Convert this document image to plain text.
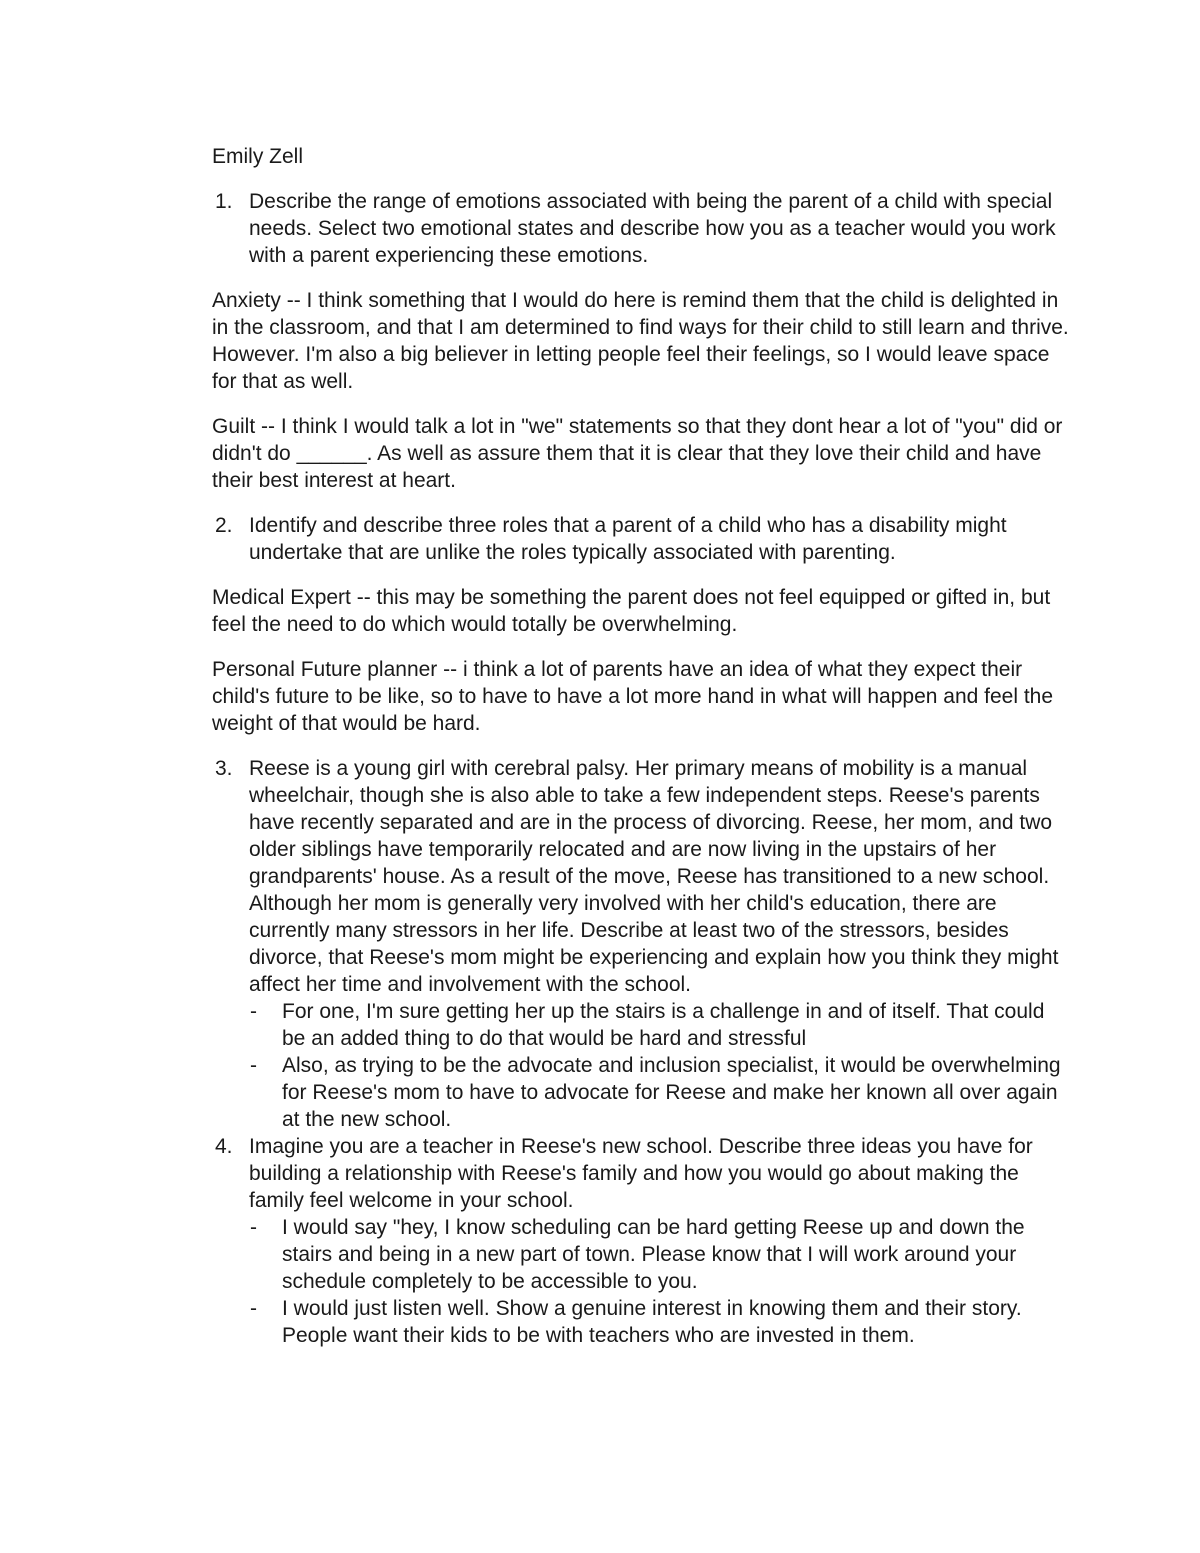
Emily Zell
1. Describe the range of emotions associated with being the parent of a child with special needs. Select two emotional states and describe how you as a teacher would you work with a parent experiencing these emotions.

Anxiety -- I think something that I would do here is remind them that the child is delighted in in the classroom, and that I am determined to find ways for their child to still learn and thrive. However. I'm also a big believer in letting people feel their feelings, so I would leave space for that as well.

Guilt -- I think I would talk a lot in "we" statements so that they dont hear a lot of "you" did or didn't do ______. As well as assure them that it is clear that they love their child and have their best interest at heart.

2. Identify and describe three roles that a parent of a child who has a disability might undertake that are unlike the roles typically associated with parenting.

Medical Expert -- this may be something the parent does not feel equipped or gifted in, but feel the need to do which would totally be overwhelming.

Personal Future planner -- i think a lot of parents have an idea of what they expect their child's future to be like, so to have to have a lot more hand in what will happen and feel the weight of that would be hard.

3. Reese is a young girl with cerebral palsy. Her primary means of mobility is a manual wheelchair, though she is also able to take a few independent steps. Reese's parents have recently separated and are in the process of divorcing. Reese, her mom, and two older siblings have temporarily relocated and are now living in the upstairs of her grandparents' house. As a result of the move, Reese has transitioned to a new school. Although her mom is generally very involved with her child's education, there are currently many stressors in her life. Describe at least two of the stressors, besides divorce, that Reese's mom might be experiencing and explain how you think they might affect her time and involvement with the school.

-	For one, I'm sure getting her up the stairs is a challenge in and of itself. That could be an added thing to do that would be hard and stressful
-	Also, as trying to be the advocate and inclusion specialist, it would be overwhelming for Reese's mom to have to advocate for Reese and make her known all over again at the new school.
4. Imagine you are a teacher in Reese's new school. Describe three ideas you have for building a relationship with Reese's family and how you would go about making the family feel welcome in your school.

-	I would say "hey, I know scheduling can be hard getting Reese up and down the stairs and being in a new part of town. Please know that I will work around your schedule completely to be accessible to you.
-	I would just listen well. Show a genuine interest in knowing them and their story. People want their kids to be with teachers who are invested in them.
